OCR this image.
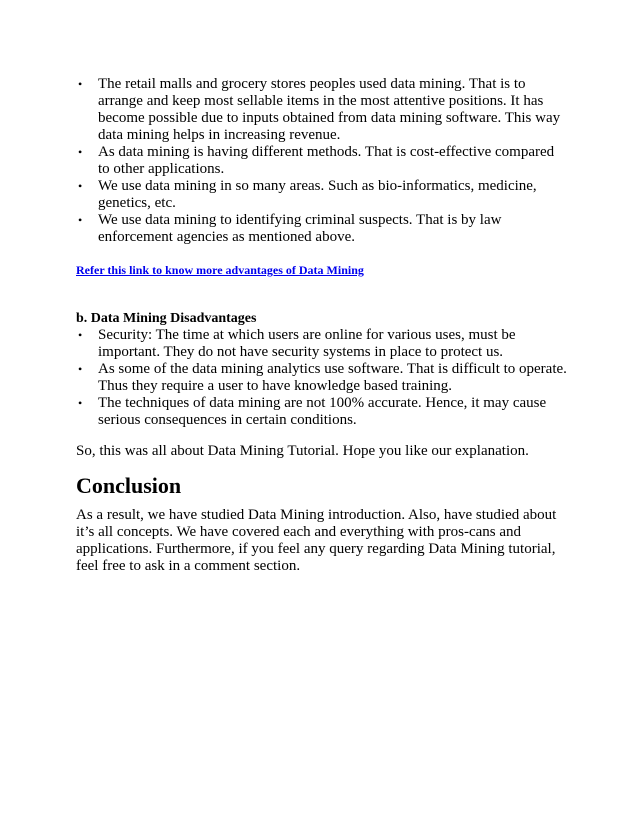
• The retail malls and grocery stores peoples used data mining. That is to arrange and keep most sellable items in the most attentive positions. It has become possible due to inputs obtained from data mining software. This way data mining helps in increasing revenue.
• As data mining is having different methods. That is cost-effective compared to other applications.
• We use data mining in so many areas. Such as bio-informatics, medicine, genetics, etc.
• We use data mining to identifying criminal suspects. That is by law enforcement agencies as mentioned above.

Refer this link to know more advantages of Data Mining

b. Data Mining Disadvantages

• Security: The time at which users are online for various uses, must be important. They do not have security systems in place to protect us.
• As some of the data mining analytics use software. That is difficult to operate. Thus they require a user to have knowledge based training.
• The techniques of data mining are not 100% accurate. Hence, it may cause serious consequences in certain conditions.

So, this was all about Data Mining Tutorial. Hope you like our explanation.

Conclusion

As a result, we have studied Data Mining introduction. Also, have studied about it’s all concepts. We have covered each and everything with pros-cans and applications. Furthermore, if you feel any query regarding Data Mining tutorial, feel free to ask in a comment section.
